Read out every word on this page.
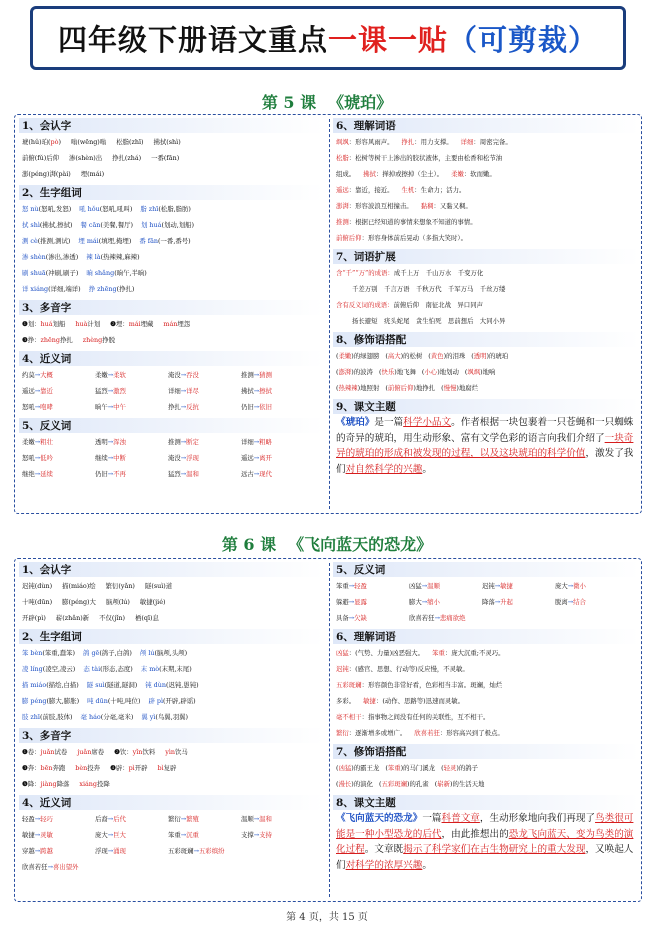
四年级下册语文重点 一课一贴 （可剪裁）
第 5 课 《琥珀》
1、会认字
琥(hǔ)珀(pò) 嗡(wēng)嗡 松脂(zhī) 拂拭(shì)
前俯(fǔ)后仰 渗(shèn)出 挣扎(zhá) 一番(fān)
澎(péng)湃(pài) 埋(mái)
2、生字组词
怒 nù(怒吼,发怒) 吼 hǒu(怒吼,吼叫) 脂 zhī(松脂,脂肪)
拭 shì(拂拭,擦拭) 餐 cān(美餐,餐厅) 划 huá(划动,划船)
测 cè(推测,测试) 埋 mái(填埋,掩埋) 番 fān(一番,番号)
渗 shèn(渗出,渗透) 辣 là(热辣辣,麻辣)
刷 shuā(冲刷,刷子) 晌 shǎng(晌午,半晌)
详 xiáng(详细,端详) 挣 zhēng(挣扎)
3、多音字
❶划：huá划船 huà计划 ❷埋：mái埋藏 mán埋怨
❸挣：zhēng挣扎 zhèng挣脱
4、近义词
约莫→大概	柔嫩→柔软	淹没→吞没	推测→猜测
遥远→靠近	猛烈→激烈	详细→详尽	拂拭→擦拭
怒吼→咆哮	晌午→中午	挣扎→反抗	仍旧→依旧
5、反义词
柔嫩→粗壮	透明→浑浊	推测→断定	详细→粗略
怒吼→低吟	继续→中断	淹没→浮现	遥远→离开
继绝→延续	仍旧→不再	猛烈→温和	远古→现代
6、理解词语
飒飒：形容风雨声。 挣扎：用力支撑。 详细：周密完备。
松脂：松树等树干上渗出的胶状液体，主要由松香和松节油
组成。 拂拭：掸掉或擦掉（尘土）。 柔嫩：软而嫩。
遥远：靠近，接近。 生机：生命力；活力。
澎湃：形容波浪互相撞击。 黏稠：又黏又稠。
推测：根据已经知道的事情来想象不知道的事情。
前俯后仰：形容身体前后晃动（多指大笑时）。
7、词语扩展
含“千”“万”的成语：成千上万　千山万水　千变万化
千差万别　千言万语　千秋万代　千军万马　千丝万缕
含有反义词的成语：前俯后仰　南征北战　异口同声
扬长避短　疣头蛇尾　贪生怕死　思前想后　大同小异
8、修饰语搭配
(柔嫩)的绿翅膀 (高大)的松树 (黄色)的泪珠 (透明)的琥珀
(澎湃)的波涛 (快乐)地飞舞 (小心)地划动 (飒飒)地响
(热辣辣)地照射 (前俯后仰)地挣扎 (慢慢)地腐烂
9、课文主题
《琥珀》是一篇科学小品文。作者根据一块包裹着一只苍蝇和一只蜘蛛的奇异的琥珀，用生动形象、富有文学色彩的语言向我们介绍了一块奇异的琥珀的形成和被发现的过程，以及这块琥珀的科学价值，激发了我们对自然科学的兴趣。
第 6 课 《飞向蓝天的恐龙》
1、会认字
迟钝(dùn) 描(miáo)绘 繁衍(yǎn) 隧(suì)道
十吨(dūn) 膨(péng)大 脑颅(lú) 敏捷(jié)
开辟(pì) 崭(zhǎn)新 不仅(jǐn) 栖(qī)息
2、生字组词
笨 bèn(笨重,蠢笨) 鸽 gē(鸽子,白鸽) 颅 lú(脑颅,头颅)
凌 líng(凌空,凌云) 态 tài(形态,态度) 末 mò(末期,末尾)
描 miáo(描绘,白描) 隧 suì(隧道,隧洞) 钝 dùn(迟钝,愚钝)
膨 péng(膨大,膨胀) 吨 dūn(十吨,吨位) 辟 pì(开辟,辟谣)
肢 zhī(前肢,肢体) 毫 háo(分毫,毫米) 翼 yì(鸟翼,羽翼)
3、多音字
❶卷：juǎn试卷 juǎn席卷 ❷饮：yǐn饮料 yìn饮马
❸奔：bēn奔跑 bèn投奔 ❹辟：pì开辟 bì复辟
❺降：jiàng降落 xiáng投降
4、近义词
轻盈→轻巧	后裔→后代	繁衍→繁殖	温顺→温和
敏捷→灵敏	庞大→巨大	笨重→沉重	支撑→支持
穿越→跨越	浮现→涌现	五彩斑斓→五彩缤纷
欣喜若狂→喜出望外
5、反义词
笨重→轻盈	凶猛→温顺	迟钝→敏捷	庞大→微小
躲避→显露	膨大→缩小	降落→升起	脱离→结合
具备→欠缺	欣喜若狂→悲痛欲绝
6、理解词语
凶猛：(气势、力量)凶恶强大。 笨重：庞大沉重;不灵巧。
迟钝：(感官、思想、行动等)反应慢，不灵敏。
五彩斑斓：形容颜色非常好看，色彩相当丰富。斑斓，灿烂
多彩。 敏捷：(动作、思路等)迅速而灵敏。
毫不相干：指事物之间没有任何的关联性，互不相干。
繁衍：逐渐增多或增广。 欣喜若狂：形容高兴到了极点。
7、修饰语搭配
(凶猛)的霸王龙 (笨重)的马门溪龙 (轻灵)的鸽子
(漫长)的演化 (五彩斑斓)的孔雀 (崭新)的生活天地
8、课文主题
《飞向蓝天的恐龙》一篇科普文章，生动形象地向我们再现了鸟类很可能是一种小型恐龙的后代，由此推想出的恐龙飞向蓝天、变为鸟类的演化过程。文章既揭示了科学家们在古生物研究上的重大发现，又唤起人们对科学的浓厚兴趣。
第 4 页，共 15 页
